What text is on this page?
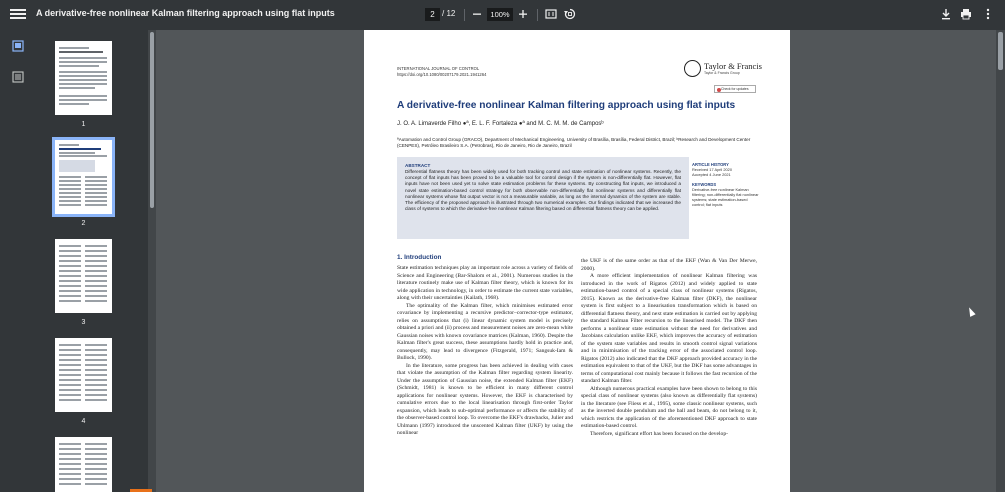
A derivative-free nonlinear Kalman filtering approach using flat inputs	2 / 12	100%
1
2
3
4
INTERNATIONAL JOURNAL OF CONTROL
https://doi.org/10.1080/00207179.2021.1941264
Taylor & Francis
Taylor & Francis Group
Check for updates
A derivative-free nonlinear Kalman filtering approach using flat inputs
J. O. A. Limaverde Filho ●ª, E. L. F. Fortaleza ●ª and M. C. M. M. de Camposᵇ
ªAutomation and Control Group (GRACO), Department of Mechanical Engineering, University of Brasília, Brasília, Federal District, Brazil; ᵇResearch and Development Center (CENPES), Petróleo Brasileiro S.A. (Petrobras), Rio de Janeiro, Rio de Janeiro, Brazil
ABSTRACT
Differential flatness theory has been widely used for both tracking control and state estimation of nonlinear systems. Recently, the concept of flat inputs has been proved to be a valuable tool for control design if the system is non-differentially flat. However, flat inputs have not been used yet to solve state estimation problems for these systems. By constructing flat inputs, we introduced a novel state estimation-based control strategy for both observable non-differentially flat nonlinear systems and differentially flat nonlinear systems whose flat output vector is not a measurable variable, as long as the internal dynamics of the system are stable. The efficiency of the proposed approach is illustrated through two numerical examples. Our findings indicated that we increased the class of systems to which the derivative-free nonlinear Kalman filtering based on differential flatness theory can be applied.
ARTICLE HISTORY
Received 17 April 2020
Accepted 4 June 2021
KEYWORDS
Derivative-free nonlinear Kalman filtering; non-differentially flat nonlinear systems; state estimation-based control; flat inputs
1. Introduction

State estimation techniques play an important role across a variety of fields of Science and Engineering (Bar-Shalom et al., 2001). Numerous studies in the literature routinely make use of Kalman filter theory, which is known for its wide application in technology, in order to estimate the current state variables, along with their uncertainties (Kailath, 1968).

The optimality of the Kalman filter, which minimises estimated error covariance by implementing a recursive predictor–corrector-type estimator, relies on assumptions that (i) linear dynamic system model is precisely obtained a priori and (ii) process and measurement noises are zero-mean white Gaussian noises with known covariance matrices (Kalman, 1960). Despite the Kalman filter's great success, these assumptions hardly hold in practice and, consequently, may lead to divergence (Fitzgerald, 1971; Sangsuk-Iam & Bullock, 1990).

In the literature, some progress has been achieved in dealing with cases that violate the assumption of the Kalman filter regarding system linearity. Under the assumption of Gaussian noise, the extended Kalman filter (EKF) (Schmidt, 1981) is known to be efficient in many different control applications for nonlinear systems. However, the EKF is characterised by cumulative errors due to the local linearisation through first-order Taylor expansion, which leads to sub-optimal performance or affects the stability of the observer-based control loop. To overcome the EKF's drawbacks, Julier and Uhlmann (1997) introduced the unscented Kalman filter (UKF) by using the nonlinear

the UKF is of the same order as that of the EKF (Wan & Van Der Merwe, 2000).

A more efficient implementation of nonlinear Kalman filtering was introduced in the work of Rigatos (2012) and widely applied to state estimation-based control of a special class of nonlinear systems (Rigatos, 2015). Known as the derivative-free Kalman filter (DKF), the nonlinear system is first subject to a linearisation transformation which is based on differential flatness theory, and next state estimation is carried out by applying the standard Kalman Filter recursion to the linearised model. The DKF then performs a nonlinear state estimation without the need for derivatives and Jacobians calculation unlike EKF, which improves the accuracy of estimation of the system state variables and results in smooth control signal variations and in minimisation of the tracking error of the associated control loop. Rigatos (2012) also indicated that the DKF approach provided accuracy in the estimation equivalent to that of the UKF, but the DKF has some advantages in terms of computational cost mainly because it follows the fast recursion of the standard Kalman filter.

Although numerous practical examples have been shown to belong to this special class of nonlinear systems (also known as differentially flat systems) in the literature (see Fliess et al., 1995), some classic nonlinear systems, such as the inverted double pendulum and the ball and beam, do not belong to it, which restricts the application of the aforementioned DKF approach to state estimation-based control.

Therefore, significant effort has been focused on the develop-
